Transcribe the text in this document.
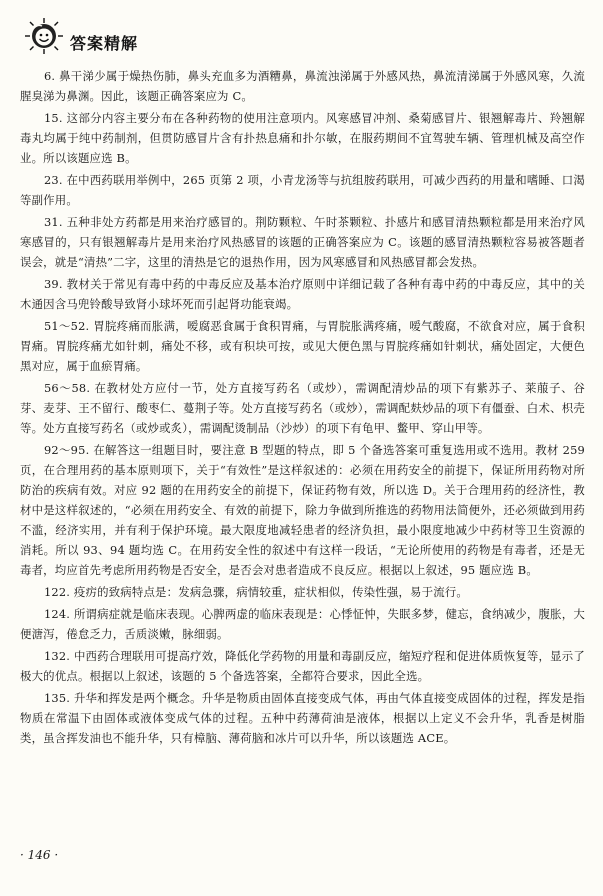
答案精解

6. 鼻干涕少属于燥热伤肺，鼻头充血多为酒糟鼻，鼻流浊涕属于外感风热，鼻流清涕属于外感风寒，久流腥臭涕为鼻渊。因此，该题正确答案应为 C。

15. 这部分内容主要分布在各种药物的使用注意项内。风寒感冒冲剂、桑菊感冒片、银翘解毒片、羚翘解毒丸均属于纯中药制剂，但贯防感冒片含有扑热息痛和扑尔敏，在服药期间不宜驾驶车辆、管理机械及高空作业。所以该题应选 B。

23. 在中西药联用举例中，265 页第 2 项，小青龙汤等与抗组胺药联用，可减少西药的用量和嗜睡、口渴等副作用。

31. 五种非处方药都是用来治疗感冒的。荆防颗粒、午时茶颗粒、扑感片和感冒清热颗粒都是用来治疗风寒感冒的，只有银翘解毒片是用来治疗风热感冒的该题的正确答案应为 C。该题的感冒清热颗粒容易被答题者误会，就是“清热”二字，这里的清热是它的退热作用，因为风寒感冒和风热感冒都会发热。

39. 教材关于常见有毒中药的中毒反应及基本治疗原则中详细记载了各种有毒中药的中毒反应，其中的关木通因含马兜铃酸导致肾小球坏死而引起肾功能衰竭。

51～52. 胃脘疼痛而胀满，嗳腐恶食属于食积胃痛，与胃脘胀满疼痛，嗳气酸腐，不欲食对应，属于食积胃痛。胃脘疼痛尤如针刺，痛处不移，或有积块可按，或见大便色黑与胃脘疼痛如针刺状，痛处固定，大便色黑对应，属于血瘀胃痛。

56～58. 在教材处方应付一节，处方直接写药名（或炒），需调配清炒品的项下有紫苏子、莱菔子、谷芽、麦芽、王不留行、酸枣仁、蔓荆子等。处方直接写药名（或炒），需调配麸炒品的项下有僵蚕、白术、枳壳等。处方直接写药名（或炒或炙），需调配烫制品（沙炒）的项下有龟甲、鳖甲、穿山甲等。

92～95. 在解答这一组题目时，要注意 B 型题的特点，即 5 个备选答案可重复选用或不选用。教材 259 页，在合理用药的基本原则项下，关于“有效性”是这样叙述的：必须在用药安全的前提下，保证所用药物对所防治的疾病有效。对应 92 题的在用药安全的前提下，保证药物有效，所以选 D。关于合理用药的经济性，教材中是这样叙述的，“必须在用药安全、有效的前提下，除力争做到所推选的药物用法简便外，还必须做到用药不滥，经济实用，并有利于保护环境。最大限度地减轻患者的经济负担，最小限度地减少中药材等卫生资源的消耗。所以 93、94 题均选 C。在用药安全性的叙述中有这样一段话，“无论所使用的药物是有毒者，还是无毒者，均应首先考虑所用药物是否安全，是否会对患者造成不良反应。根据以上叙述，95 题应选 B。

122. 疫疠的致病特点是：发病急骤，病情较重，症状相似，传染性强，易于流行。

124. 所谓病症就是临床表现。心脾两虚的临床表现是：心悸怔忡，失眠多梦，健忘，食纳减少，腹胀，大便溏泻，倦怠乏力，舌质淡嫩，脉细弱。

132. 中西药合理联用可提高疗效，降低化学药物的用量和毒副反应，缩短疗程和促进体质恢复等，显示了极大的优点。根据以上叙述，该题的 5 个备选答案，全都符合要求，因此全选。

135. 升华和挥发是两个概念。升华是物质由固体直接变成气体，再由气体直接变成固体的过程，挥发是指物质在常温下由固体或液体变成气体的过程。五种中药薄荷油是液体，根据以上定义不会升华，乳香是树脂类，虽含挥发油也不能升华，只有樟脑、薄荷脑和冰片可以升华，所以该题选 ACE。

· 146 ·
